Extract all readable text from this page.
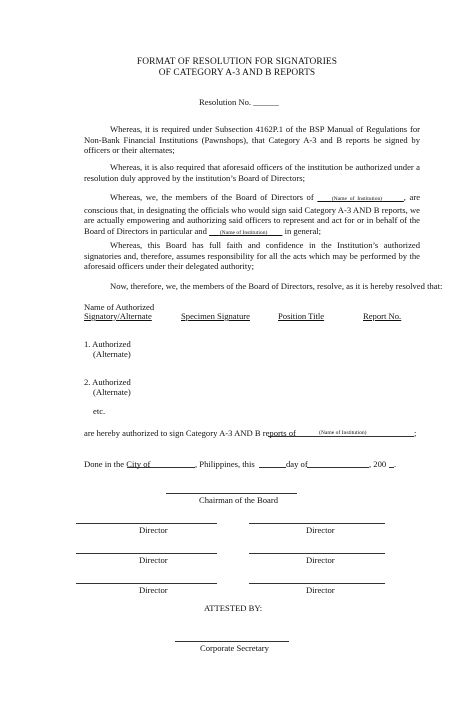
FORMAT OF RESOLUTION FOR SIGNATORIES
OF CATEGORY A-3 AND B REPORTS
Resolution No. ______
Whereas, it is required under Subsection 4162P.1 of the BSP Manual of Regulations for Non-Bank Financial Institutions (Pawnshops), that Category A-3 and B reports be signed by officers or their alternates;
Whereas, it is also required that aforesaid officers of the institution be authorized under a resolution duly approved by the institution’s Board of Directors;
Whereas, we, the members of the Board of Directors of	(Name of Institution)	, are conscious that, in designating the officials who would sign said Category A-3 AND B reports, we are actually empowering and authorizing said officers to represent and act for or in behalf of the Board of Directors in particular and (Name of Institution) in general;
Whereas, this Board has full faith and confidence in the Institution’s authorized signatories and, therefore, assumes responsibility for all the acts which may be performed by the aforesaid officers under their delegated authority;
Now, therefore, we, the members of the Board of Directors, resolve, as it is hereby resolved that:
Name of Authorized
Signatory/Alternate	Specimen Signature	Position Title	Report No.
1. Authorized
(Alternate)
2. Authorized
(Alternate)
etc.
are hereby authorized to sign Category A-3 AND B reports of	(Name of Institution)	;
Done in the City of	, Philippines, this	day of	, 200 .
Chairman of the Board
Director	Director
Director	Director
Director	Director
ATTESTED BY:
Corporate Secretary
